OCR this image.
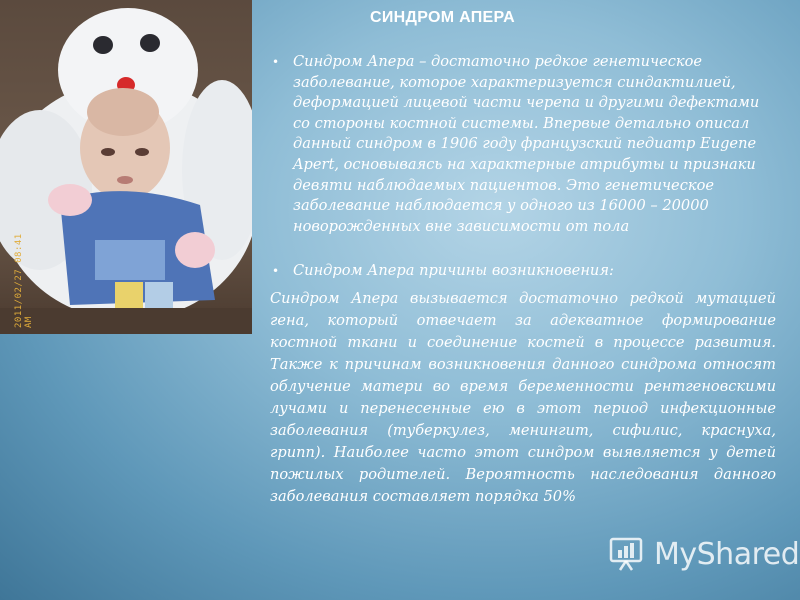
2011/02/27 08:41 AM
СИНДРОМ АПЕРА
• Синдром Апера – достаточно редкое генетическое заболевание, которое характеризуется синдактилией, деформацией лицевой части черепа и другими дефектами со стороны костной системы. Впервые детально описал данный синдром в 1906 году французский педиатр Eugene Apert, основываясь на характерные атрибуты и признаки девяти наблюдаемых пациентов. Это генетическое заболевание наблюдается у одного из 16000 – 20000 новорожденных вне зависимости от пола
• Синдром Апера причины возникновения:
Синдром Апера вызывается достаточно редкой мутацией гена, который отвечает за адекватное формирование костной ткани и соединение костей в процессе развития. Также к причинам возникновения данного синдрома относят облучение матери во время беременности рентгеновскими лучами и перенесенные ею в этот период инфекционные заболевания (туберкулез, менингит, сифилис, краснуха, грипп). Наиболее часто этот синдром выявляется у детей пожилых родителей. Вероятность наследования данного заболевания составляет порядка 50%
MyShared
